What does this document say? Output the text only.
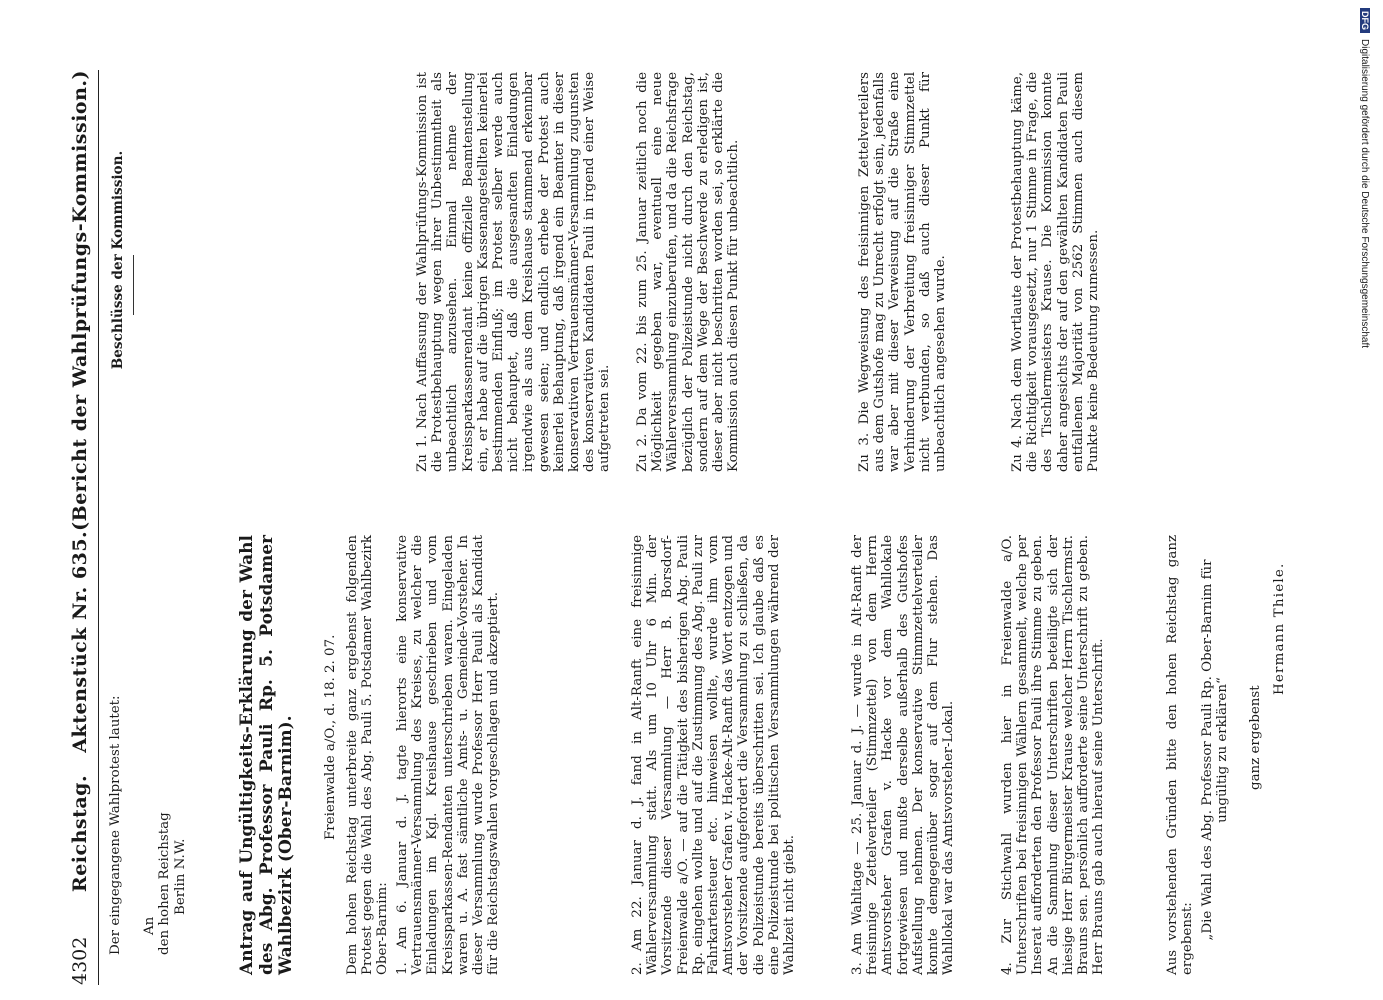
4302
Reichstag.
Aktenstück Nr. 635.
(Bericht der Wahlprüfungs-Kommission.)
Der eingegangene Wahlprotest lautet: An den hohen Reichstag Berlin N.W.	Antrag auf Ungültigkeits-Erklärung der Wahl des Abg. Professor Pauli Rp. 5. Potsdamer Wahlbezirk (Ober-Barnim). Freienwalde a/O., d. 18. 2. 07. Dem hohen Reichstag unterbreite ganz ergebenst folgenden Protest gegen die Wahl des Abg. Pauli 5. Potsdamer Wahlbezirk Ober-Barnim: 1. Am 6. Januar d. J. tagte hierorts eine konservative Vertrauensmänner-Versammlung des Kreises, zu welcher die Einladungen im Kgl. Kreishause geschrieben und vom Kreissparkassen-Rendanten unterschrieben waren. Eingeladen waren u. A. fast sämtliche Amts- u. Gemeinde-Vorsteher. In dieser Versammlung wurde Professor Herr Pauli als Kandidat für die Reichstagswahlen vorgeschlagen und akzeptiert.	2. Am 22. Januar d. J. fand in Alt-Ranft eine freisinnige Wählerversammlung statt. Als um 10 Uhr 6 Min. der Vorsitzende dieser Versammlung — Herr B. Borsdorf-Freienwalde a/O. — auf die Tätigkeit des bisherigen Abg. Pauli Rp. eingehen wollte und auf die Zustimmung des Abg. Pauli zur Fahrkartensteuer etc. hinweisen wollte, wurde ihm vom Amtsvorsteher Grafen v. Hacke-Alt-Ranft das Wort entzogen und der Vorsitzende aufgefordert die Versammlung zu schließen, da die Polizeistunde bereits überschritten sei. Ich glaube daß es eine Polizeistunde bei politischen Versammlungen während der Wahlzeit nicht giebt.	3. Am Wahltage — 25. Januar d. J. — wurde in Alt-Ranft der freisinnige Zettelverteiler (Stimmzettel) von dem Herrn Amtsvorsteher Grafen v. Hacke vor dem Wahllokale fortgewiesen und mußte derselbe außerhalb des Gutshofes Aufstellung nehmen. Der konservative Stimmzettelverteiler konnte demgegenüber sogar auf dem Flur stehen. Das Wahllokal war das Amtsvorsteher-Lokal.	4. Zur Stichwahl wurden hier in Freienwalde a/O. Unterschriften bei freisinnigen Wählern gesammelt, welche per Inserat aufforderten den Professor Pauli ihre Stimme zu geben. An die Sammlung dieser Unterschriften beteiligte sich der hiesige Herr Bürgermeister Krause welcher Herrn Tischlermstr. Brauns sen. persönlich aufforderte seine Unterschrift zu geben. Herr Brauns gab auch hierauf seine Unterschrift.	Aus vorstehenden Gründen bitte den hohen Reichstag ganz ergebenst: „Die Wahl des Abg. Professor Pauli Rp. Ober-Barnim für ungültig zu erklären“ ganz ergebenst
Hermann Thiele.
Beschlüsse der Kommission.	Zu 1. Nach Auffassung der Wahlprüfungs-Kommission ist die Protestbehauptung wegen ihrer Unbestimmtheit als unbeachtlich anzusehen. Einmal nehme der Kreissparkassenrendant keine offizielle Beamtenstellung ein, er habe auf die übrigen Kassenangestellten keinerlei bestimmenden Einfluß; im Protest selber werde auch nicht behauptet, daß die ausgesandten Einladungen irgendwie als aus dem Kreishause stammend erkennbar gewesen seien; und endlich erhebe der Protest auch keinerlei Behauptung, daß irgend ein Beamter in dieser konservativen Vertrauensmänner-Versammlung zugunsten des konservativen Kandidaten Pauli in irgend einer Weise aufgetreten sei. Zu 2. Da vom 22. bis zum 25. Januar zeitlich noch die Möglichkeit gegeben war, eventuell eine neue Wählerversammlung einzuberufen, und da die Reichsfrage bezüglich der Polizeistunde nicht durch den Reichstag, sondern auf dem Wege der Beschwerde zu erledigen ist, dieser aber nicht beschritten worden sei, so erklärte die Kommission auch diesen Punkt für unbeachtlich.	Zu 3. Die Wegweisung des freisinnigen Zettelverteilers aus dem Gutshofe mag zu Unrecht erfolgt sein, jedenfalls war aber mit dieser Verweisung auf die Straße eine Verhinderung der Verbreitung freisinniger Stimmzettel nicht verbunden, so daß auch dieser Punkt für unbeachtlich angesehen wurde.	Zu 4. Nach dem Wortlaute der Protestbehauptung käme, die Richtigkeit vorausgesetzt, nur 1 Stimme in Frage, die des Tischlermeisters Krause. Die Kommission konnte daher angesichts der auf den gewählten Kandidaten Pauli entfallenen Majorität von 2562 Stimmen auch diesem Punkte keine Bedeutung zumessen.
DFG
Digitalisierung gefördert durch die Deutsche Forschungsgemeinschaft
